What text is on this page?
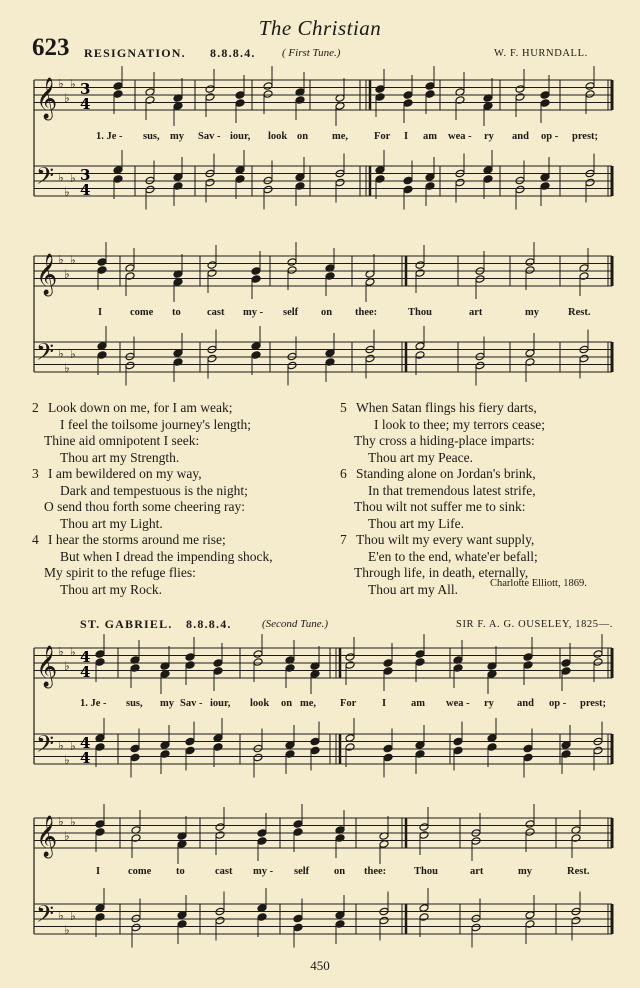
The Christian
623 RESIGNATION. 8.8.8.4. ( First Tune.)	W. F. HURNDALL.
𝄞
𝄢
♭
♭
♭
♭
♭
♭
3
4
3
4
1. Je - sus, my Sav - iour, look on me, For I am wea - ry and op - prest;
𝄞
𝄢
♭
♭
♭
♭
♭
♭
I	come to	cast my - self on thee:	Thou	art	my	Rest.
2 Look down on me, for I am weak;
I feel the toilsome journey's length;
Thine aid omnipotent I seek:
Thou art my Strength.
3 I am bewildered on my way,
Dark and tempestuous is the night;
O send thou forth some cheering ray:
Thou art my Light.
4 I hear the storms around me rise;
But when I dread the impending shock,
My spirit to the refuge flies:
Thou art my Rock.
5 When Satan flings his fiery darts,
I look to thee; my terrors cease;
Thy cross a hiding-place imparts:
Thou art my Peace.
6 Standing alone on Jordan's brink,
In that tremendous latest strife,
Thou wilt not suffer me to sink:
Thou art my Life.
7 Thou wilt my every want supply,
E'en to the end, whate'er befall;
Through life, in death, eternally,
Thou art my All.	Charlotte Elliott, 1869.
ST. GABRIEL. 8.8.8.4.	(Second Tune.)	SIR F. A. G. OUSELEY, 1825—.
𝄞
𝄢
♭
♭
♭
♭
♭
♭
4
4
4
4
1. Je - sus, my Sav - iour, look on me, For I am wea - ry and op - prest;
𝄞
𝄢
♭
♭
♭
♭
♭
♭
I	come to	cast my - self on thee:	Thou	art	my	Rest.
450
